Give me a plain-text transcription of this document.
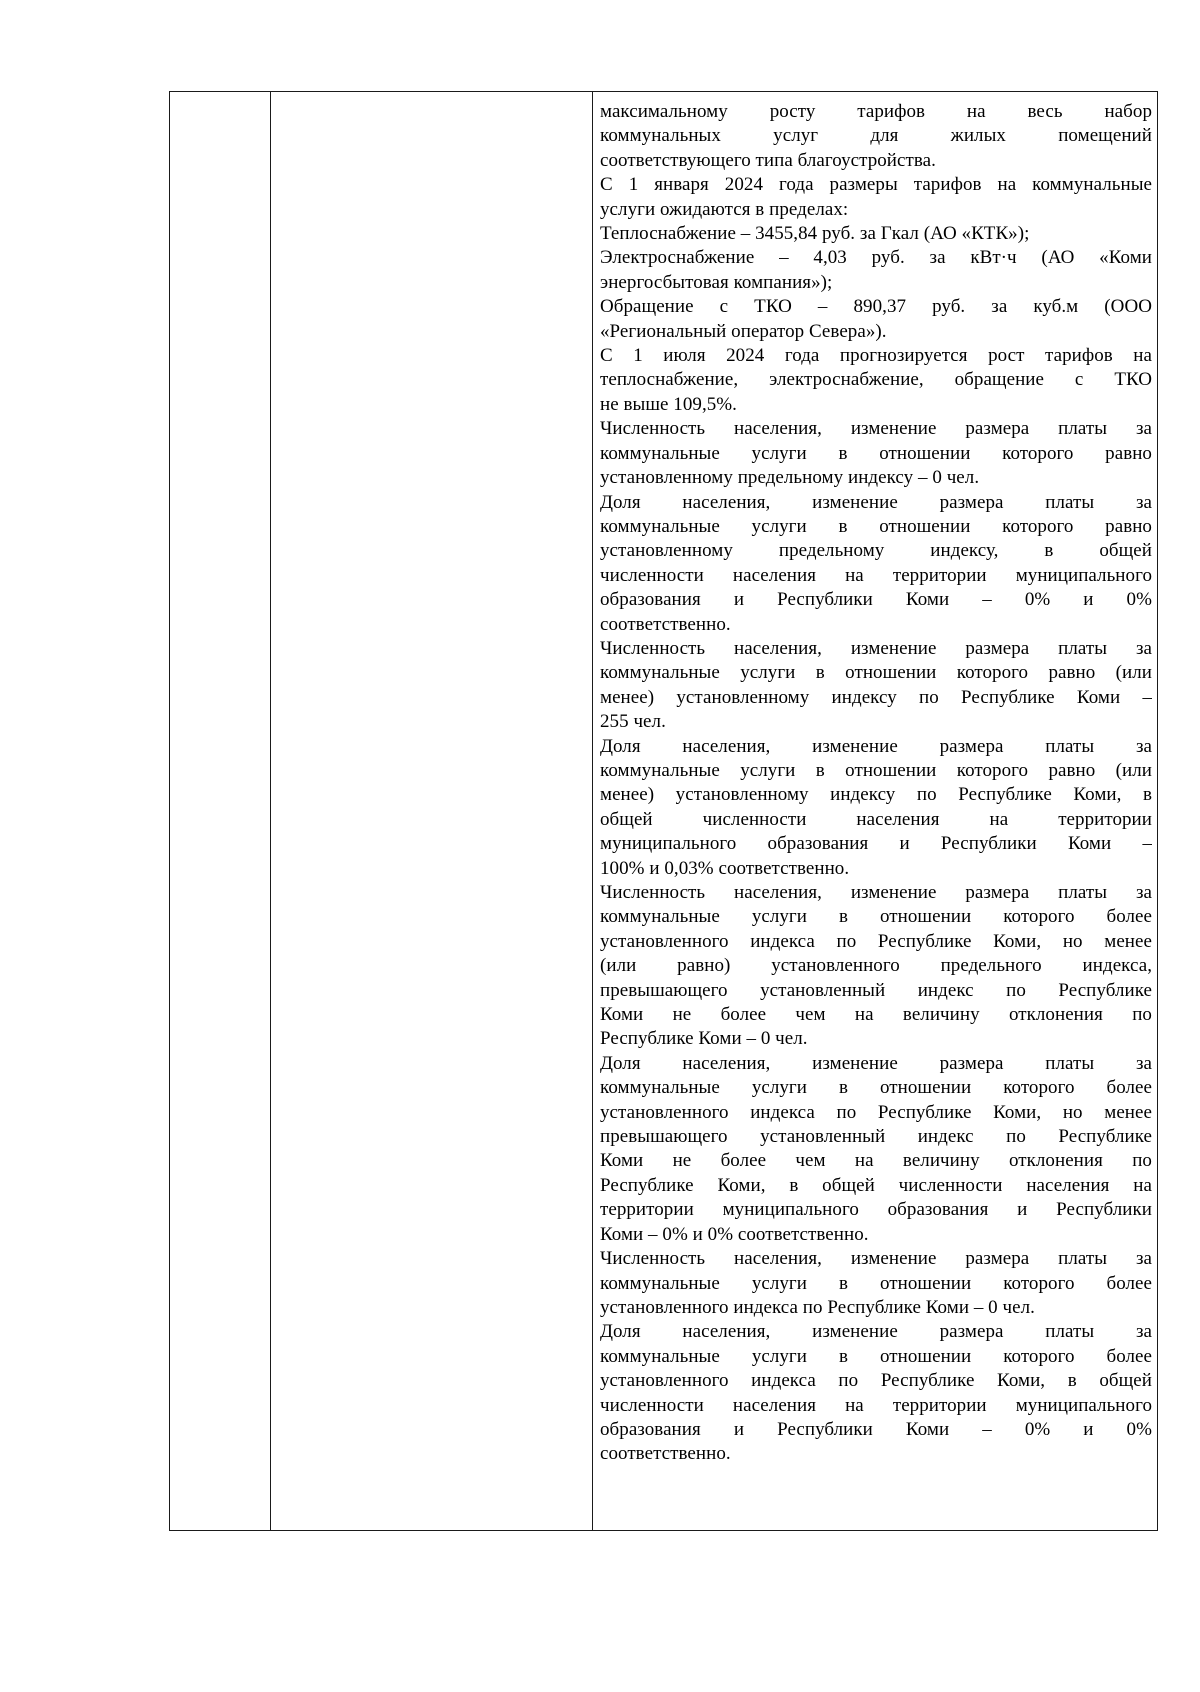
максимальному росту тарифов на весь набор
коммунальных услуг для жилых помещений
соответствующего типа благоустройства.

С 1 января 2024 года размеры тарифов на коммунальные
услуги ожидаются в пределах:

Теплоснабжение – 3455,84 руб. за Гкал (АО «КТК»);

Электроснабжение – 4,03 руб. за кВт·ч (АО «Коми
энергосбытовая компания»);

Обращение с ТКО – 890,37 руб. за куб.м (ООО
«Региональный оператор Севера»).

С 1 июля 2024 года прогнозируется рост тарифов на
теплоснабжение, электроснабжение, обращение с ТКО
не выше 109,5%.

Численность населения, изменение размера платы за
коммунальные услуги в отношении которого равно
установленному предельному индексу – 0 чел.

Доля населения, изменение размера платы за
коммунальные услуги в отношении которого равно
установленному предельному индексу, в общей
численности населения на территории муниципального
образования и Республики Коми – 0% и 0%
соответственно.

Численность населения, изменение размера платы за
коммунальные услуги в отношении которого равно (или
менее) установленному индексу по Республике Коми –
255 чел.

Доля населения, изменение размера платы за
коммунальные услуги в отношении которого равно (или
менее) установленному индексу по Республике Коми, в
общей численности населения на территории
муниципального образования и Республики Коми –
100% и 0,03% соответственно.

Численность населения, изменение размера платы за
коммунальные услуги в отношении которого более
установленного индекса по Республике Коми, но менее
(или равно) установленного предельного индекса,
превышающего установленный индекс по Республике
Коми не более чем на величину отклонения по
Республике Коми – 0 чел.

Доля населения, изменение размера платы за
коммунальные услуги в отношении которого более
установленного индекса по Республике Коми, но менее
превышающего установленный индекс по Республике
Коми не более чем на величину отклонения по
Республике Коми, в общей численности населения на
территории муниципального образования и Республики
Коми – 0% и 0% соответственно.

Численность населения, изменение размера платы за
коммунальные услуги в отношении которого более
установленного индекса по Республике Коми – 0 чел.

Доля населения, изменение размера платы за
коммунальные услуги в отношении которого более
установленного индекса по Республике Коми, в общей
численности населения на территории муниципального
образования и Республики Коми – 0% и 0%
соответственно.
